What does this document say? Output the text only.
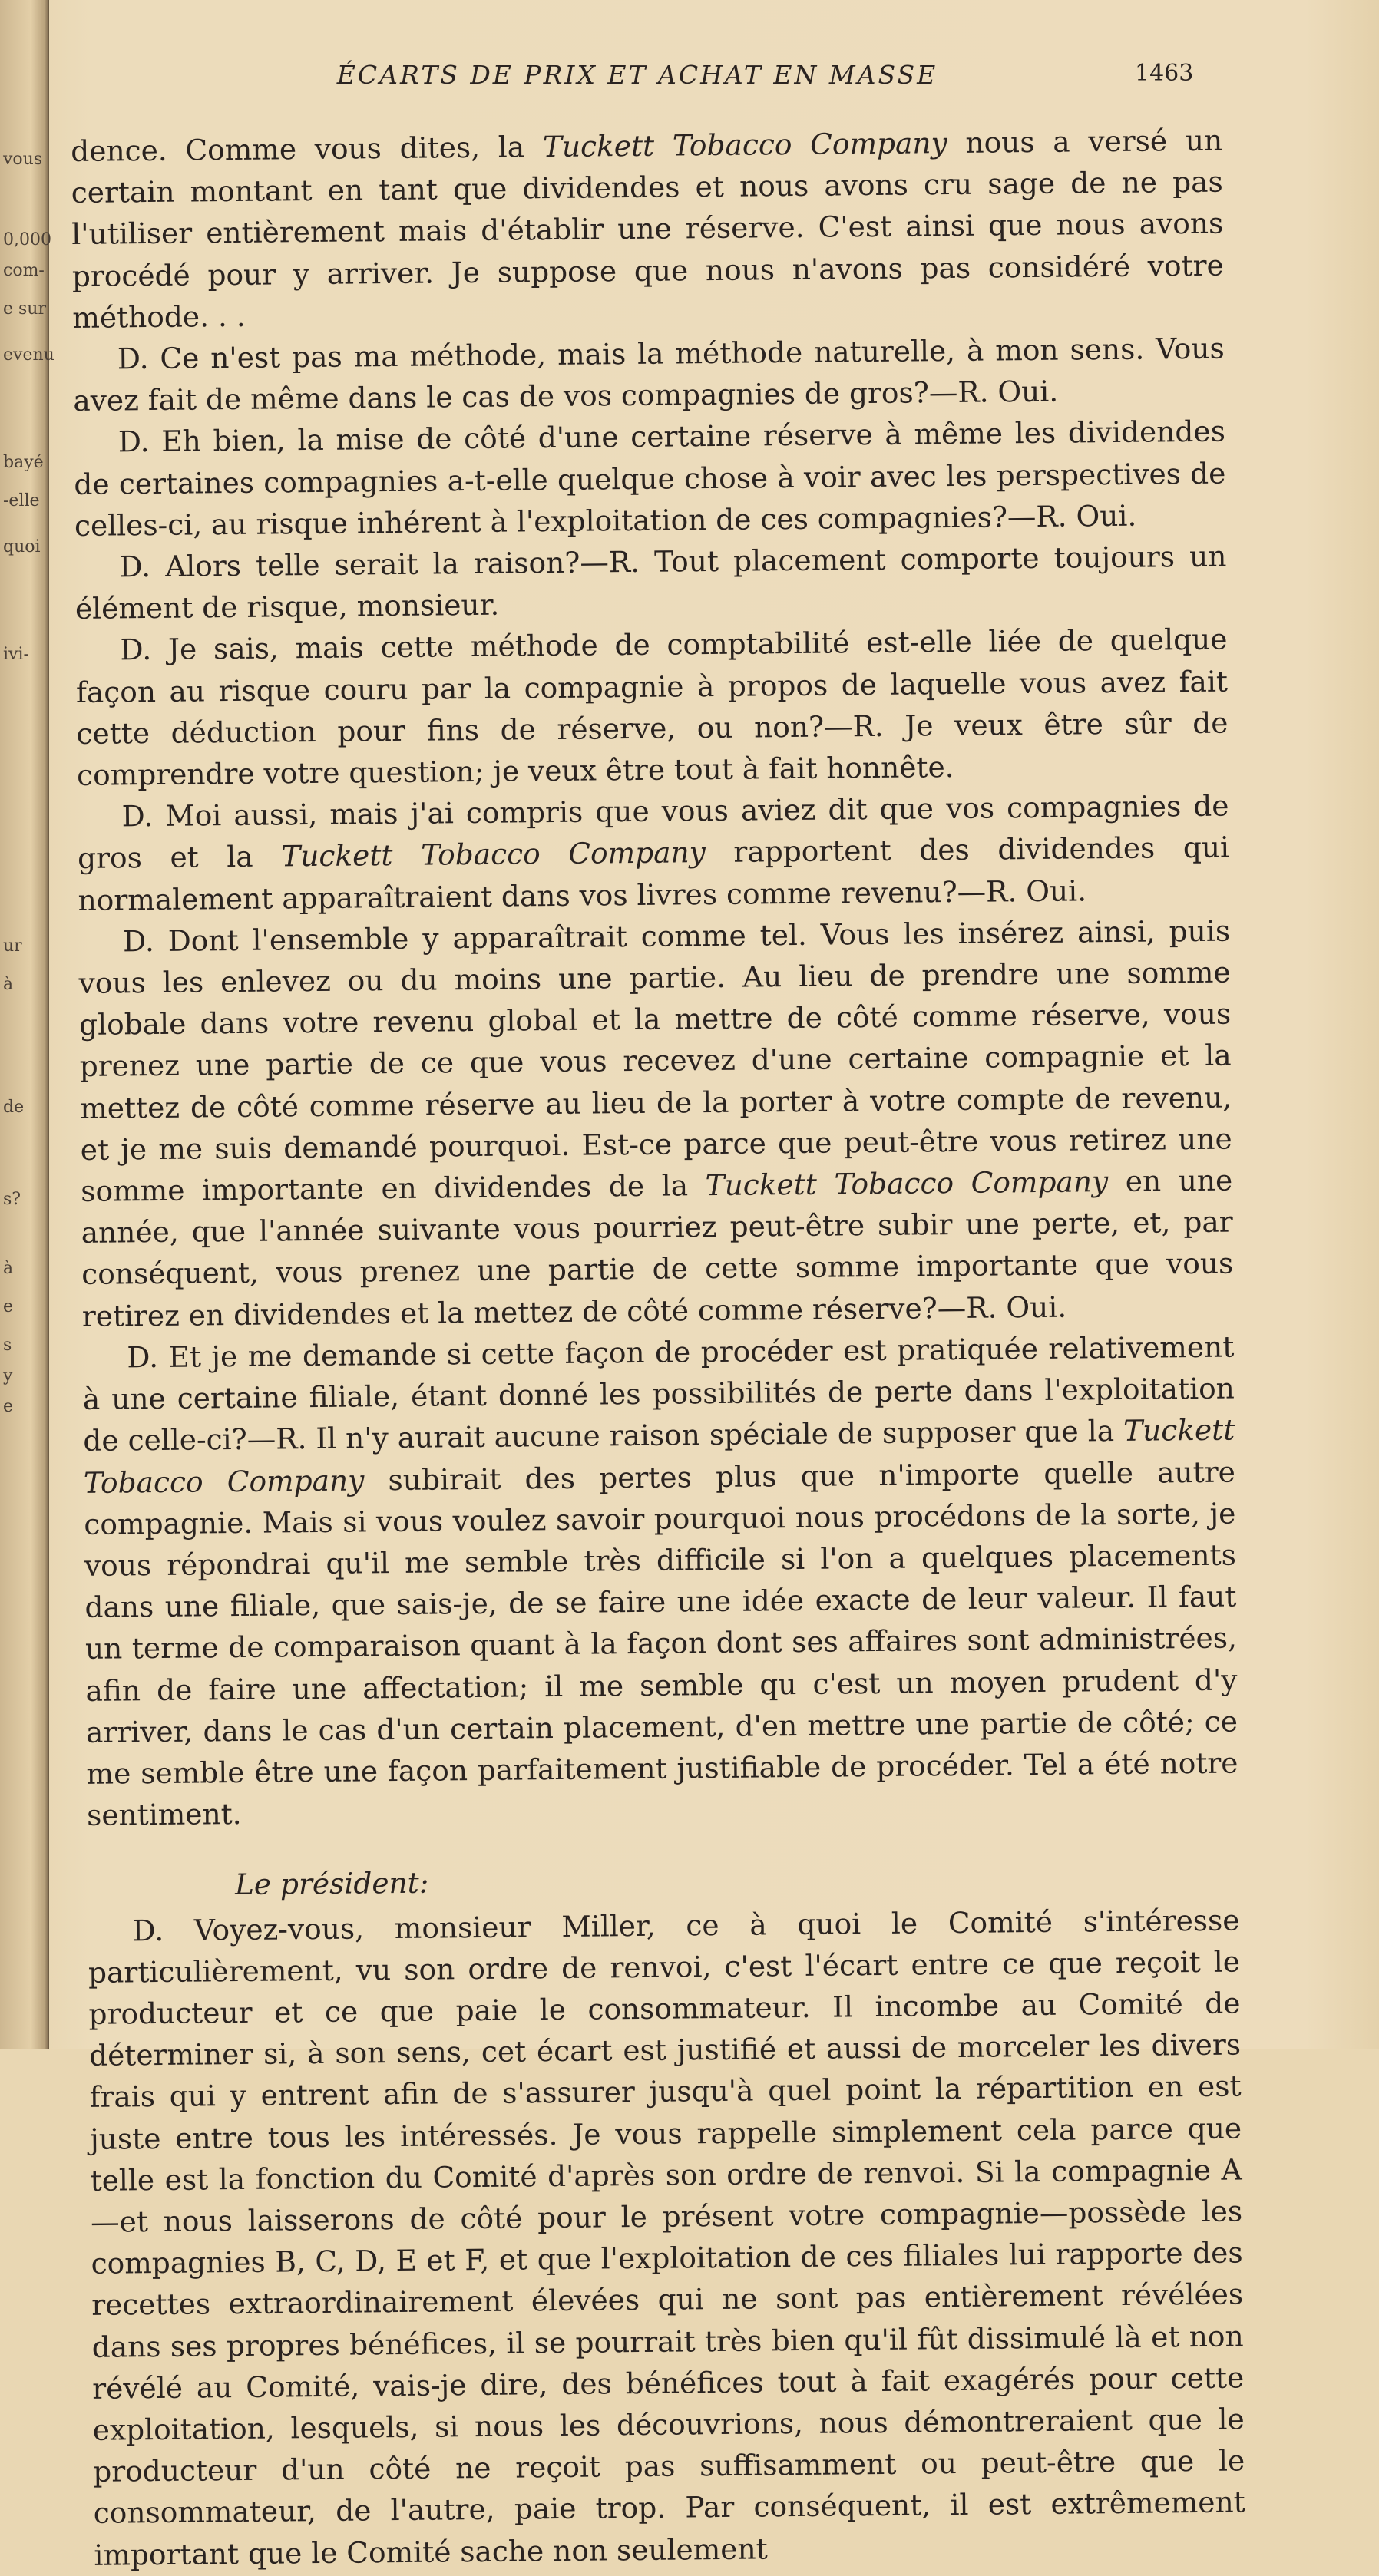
vous
0,000
com-
e sur
evenu
bayé
-elle
quoi
ivi-
ur
à
de
s?
à
e
s
y
e
ÉCARTS DE PRIX ET ACHAT EN MASSE	1463

dence. Comme vous dites, la Tuckett Tobacco Company nous a versé un certain montant en tant que dividendes et nous avons cru sage de ne pas l'utiliser entièrement mais d'établir une réserve. C'est ainsi que nous avons procédé pour y arriver. Je suppose que nous n'avons pas considéré votre méthode. . .

D. Ce n'est pas ma méthode, mais la méthode naturelle, à mon sens. Vous avez fait de même dans le cas de vos compagnies de gros?—R. Oui.

D. Eh bien, la mise de côté d'une certaine réserve à même les dividendes de certaines compagnies a-t-elle quelque chose à voir avec les perspectives de celles-ci, au risque inhérent à l'exploitation de ces compagnies?—R. Oui.

D. Alors telle serait la raison?—R. Tout placement comporte toujours un élément de risque, monsieur.

D. Je sais, mais cette méthode de comptabilité est-elle liée de quelque façon au risque couru par la compagnie à propos de laquelle vous avez fait cette déduction pour fins de réserve, ou non?—R. Je veux être sûr de comprendre votre question; je veux être tout à fait honnête.

D. Moi aussi, mais j'ai compris que vous aviez dit que vos compagnies de gros et la Tuckett Tobacco Company rapportent des dividendes qui normalement apparaîtraient dans vos livres comme revenu?—R. Oui.

D. Dont l'ensemble y apparaîtrait comme tel. Vous les insérez ainsi, puis vous les enlevez ou du moins une partie. Au lieu de prendre une somme globale dans votre revenu global et la mettre de côté comme réserve, vous prenez une partie de ce que vous recevez d'une certaine compagnie et la mettez de côté comme réserve au lieu de la porter à votre compte de revenu, et je me suis demandé pourquoi. Est-ce parce que peut-être vous retirez une somme importante en dividendes de la Tuckett Tobacco Company en une année, que l'année suivante vous pourriez peut-être subir une perte, et, par conséquent, vous prenez une partie de cette somme importante que vous retirez en dividendes et la mettez de côté comme réserve?—R. Oui.

D. Et je me demande si cette façon de procéder est pratiquée relativement à une certaine filiale, étant donné les possibilités de perte dans l'exploitation de celle-ci?—R. Il n'y aurait aucune raison spéciale de supposer que la Tuckett Tobacco Company subirait des pertes plus que n'importe quelle autre compagnie. Mais si vous voulez savoir pourquoi nous procédons de la sorte, je vous répondrai qu'il me semble très difficile si l'on a quelques placements dans une filiale, que sais-je, de se faire une idée exacte de leur valeur. Il faut un terme de comparaison quant à la façon dont ses affaires sont administrées, afin de faire une affectation; il me semble qu c'est un moyen prudent d'y arriver, dans le cas d'un certain placement, d'en mettre une partie de côté; ce me semble être une façon parfaitement justifiable de procéder. Tel a été notre sentiment.

Le président:

D. Voyez-vous, monsieur Miller, ce à quoi le Comité s'intéresse particulièrement, vu son ordre de renvoi, c'est l'écart entre ce que reçoit le producteur et ce que paie le consommateur. Il incombe au Comité de déterminer si, à son sens, cet écart est justifié et aussi de morceler les divers frais qui y entrent afin de s'assurer jusqu'à quel point la répartition en est juste entre tous les intéressés. Je vous rappelle simplement cela parce que telle est la fonction du Comité d'après son ordre de renvoi. Si la compagnie A—et nous laisserons de côté pour le présent votre compagnie—possède les compagnies B, C, D, E et F, et que l'exploitation de ces filiales lui rapporte des recettes extraordinairement élevées qui ne sont pas entièrement révélées dans ses propres bénéfices, il se pourrait très bien qu'il fût dissimulé là et non révélé au Comité, vais-je dire, des bénéfices tout à fait exagérés pour cette exploitation, lesquels, si nous les découvrions, nous démontreraient que le producteur d'un côté ne reçoit pas suffisamment ou peut-être que le consommateur, de l'autre, paie trop. Par conséquent, il est extrêmement important que le Comité sache non seulement
